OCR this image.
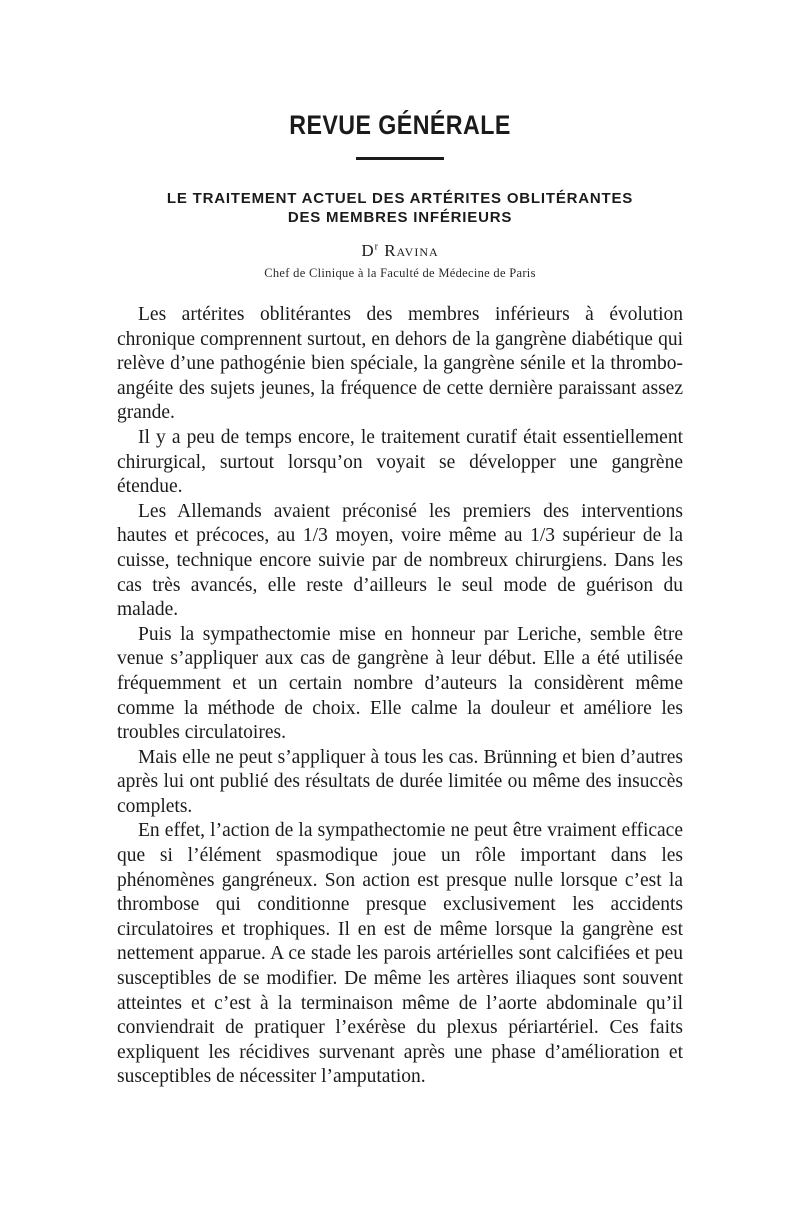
REVUE GÉNÉRALE
LE TRAITEMENT ACTUEL DES ARTÉRITES OBLITÉRANTES
DES MEMBRES INFÉRIEURS
$D^r$ Ravina
Chef de Clinique à la Faculté de Médecine de Paris

Les artérites oblitérantes des membres inférieurs à évolution chronique comprennent surtout, en dehors de la gangrène diabétique qui relève d’une pathogénie bien spéciale, la gangrène sénile et la thrombo-angéite des sujets jeunes, la fréquence de cette dernière paraissant assez grande.

Il y a peu de temps encore, le traitement curatif était essentiellement chirurgical, surtout lorsqu’on voyait se développer une gangrène étendue.

Les Allemands avaient préconisé les premiers des interventions hautes et précoces, au 1/3 moyen, voire même au 1/3 supérieur de la cuisse, technique encore suivie par de nombreux chirurgiens. Dans les cas très avancés, elle reste d’ailleurs le seul mode de guérison du malade.

Puis la sympathectomie mise en honneur par Leriche, semble être venue s’appliquer aux cas de gangrène à leur début. Elle a été utilisée fréquemment et un certain nombre d’auteurs la considèrent même comme la méthode de choix. Elle calme la douleur et améliore les troubles circulatoires.

Mais elle ne peut s’appliquer à tous les cas. Brünning et bien d’autres après lui ont publié des résultats de durée limitée ou même des insuccès complets.

En effet, l’action de la sympathectomie ne peut être vraiment efficace que si l’élément spasmodique joue un rôle important dans les phénomènes gangréneux. Son action est presque nulle lorsque c’est la thrombose qui conditionne presque exclusivement les accidents circulatoires et trophiques. Il en est de même lorsque la gangrène est nettement apparue. A ce stade les parois artérielles sont calcifiées et peu susceptibles de se modifier. De même les artères iliaques sont souvent atteintes et c’est à la terminaison même de l’aorte abdominale qu’il conviendrait de pratiquer l’exérèse du plexus périartériel. Ces faits expliquent les récidives survenant après une phase d’amélioration et susceptibles de nécessiter l’amputation.
